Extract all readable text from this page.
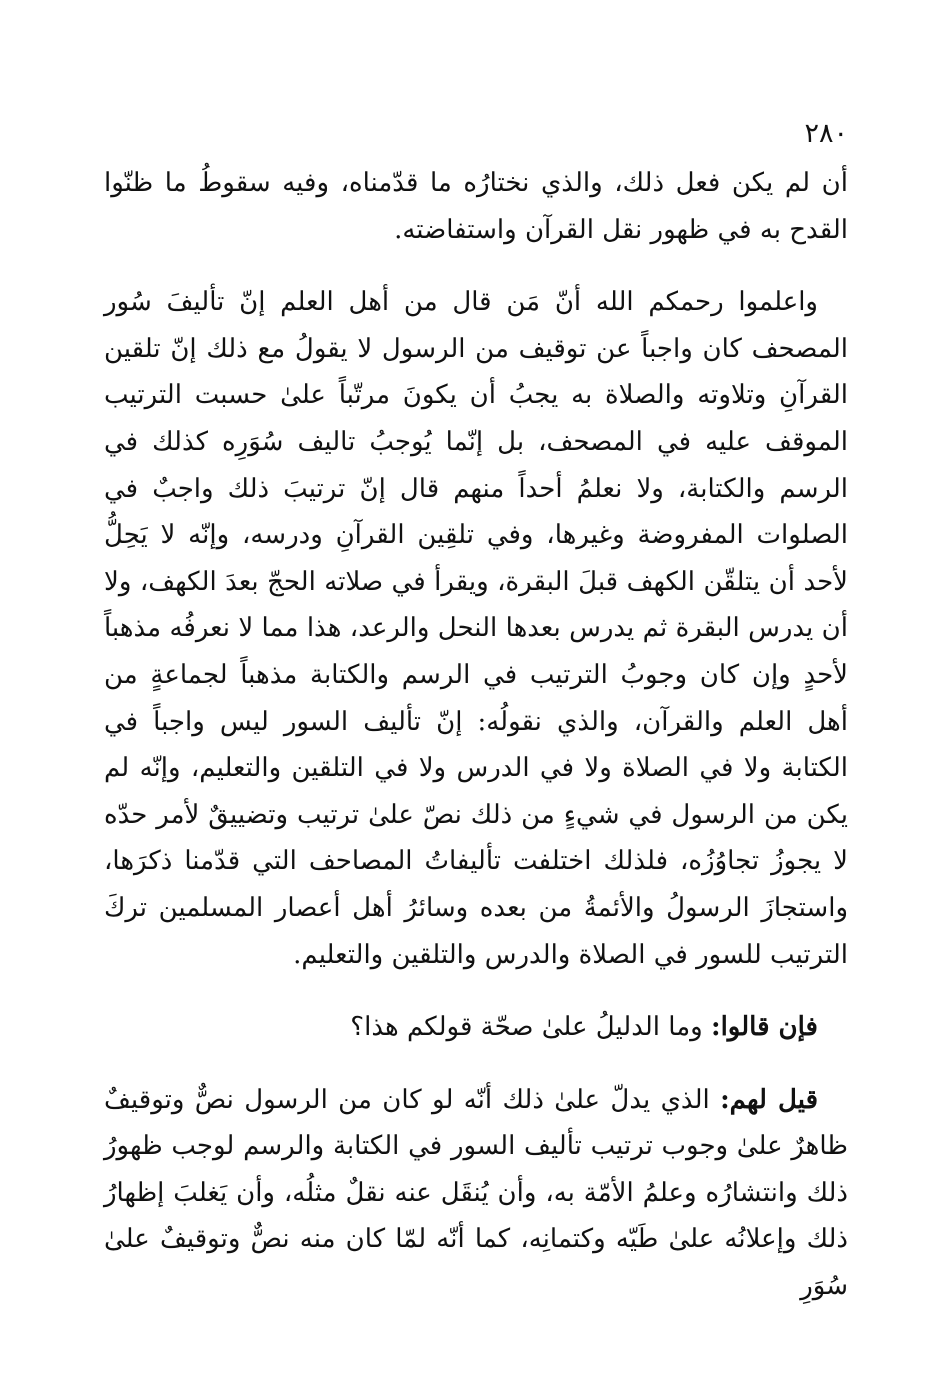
٢٨٠

أن لم يكن فعل ذلك، والذي نختارُه ما قدّمناه، وفيه سقوطُ ما ظنّوا القدح به في ظهور نقل القرآن واستفاضته.

واعلموا رحمكم الله أنّ مَن قال من أهل العلم إنّ تأليفَ سُور المصحف كان واجباً عن توقيف من الرسول لا يقولُ مع ذلك إنّ تلقين القرآنِ وتلاوته والصلاة به يجبُ أن يكونَ مرتّباً علىٰ حسبت الترتيب الموقف عليه في المصحف، بل إنّما يُوجبُ تاليف سُوَرِه كذلك في الرسم والكتابة، ولا نعلمُ أحداً منهم قال إنّ ترتيبَ ذلك واجبٌ في الصلوات المفروضة وغيرها، وفي تلقِين القرآنِ ودرسه، وإنّه لا يَحِلُّ لأحد أن يتلقّن الكهف قبلَ البقرة، ويقرأ في صلاته الحجّ بعدَ الكهف، ولا أن يدرس البقرة ثم يدرس بعدها النحل والرعد، هذا مما لا نعرفُه مذهباً لأحدٍ وإن كان وجوبُ الترتيب في الرسم والكتابة مذهباً لجماعةٍ من أهل العلم والقرآن، والذي نقولُه: إنّ تأليف السور ليس واجباً في الكتابة ولا في الصلاة ولا في الدرس ولا في التلقين والتعليم، وإنّه لم يكن من الرسول في شيءٍ من ذلك نصّ علىٰ ترتيب وتضييقٌ لأمر حدّه لا يجوزُ تجاوُزُه، فلذلك اختلفت تأليفاتُ المصاحف التي قدّمنا ذكرَها، واستجازَ الرسولُ والأئمةُ من بعده وسائرُ أهل أعصار المسلمين تركَ الترتيب للسور في الصلاة والدرس والتلقين والتعليم.

فإن قالوا: وما الدليلُ علىٰ صحّة قولكم هذا؟

قيل لهم: الذي يدلّ علىٰ ذلك أنّه لو كان من الرسول نصٌّ وتوقيفٌ ظاهرٌ علىٰ وجوب ترتيب تأليف السور في الكتابة والرسم لوجب ظهورُ ذلك وانتشارُه وعلمُ الأمّة به، وأن يُنقَل عنه نقلٌ مثلُه، وأن يَغلبَ إظهارُ ذلك وإعلانُه علىٰ طَيّه وكتمانِه، كما أنّه لمّا كان منه نصٌّ وتوقيفٌ علىٰ سُوَرِ
